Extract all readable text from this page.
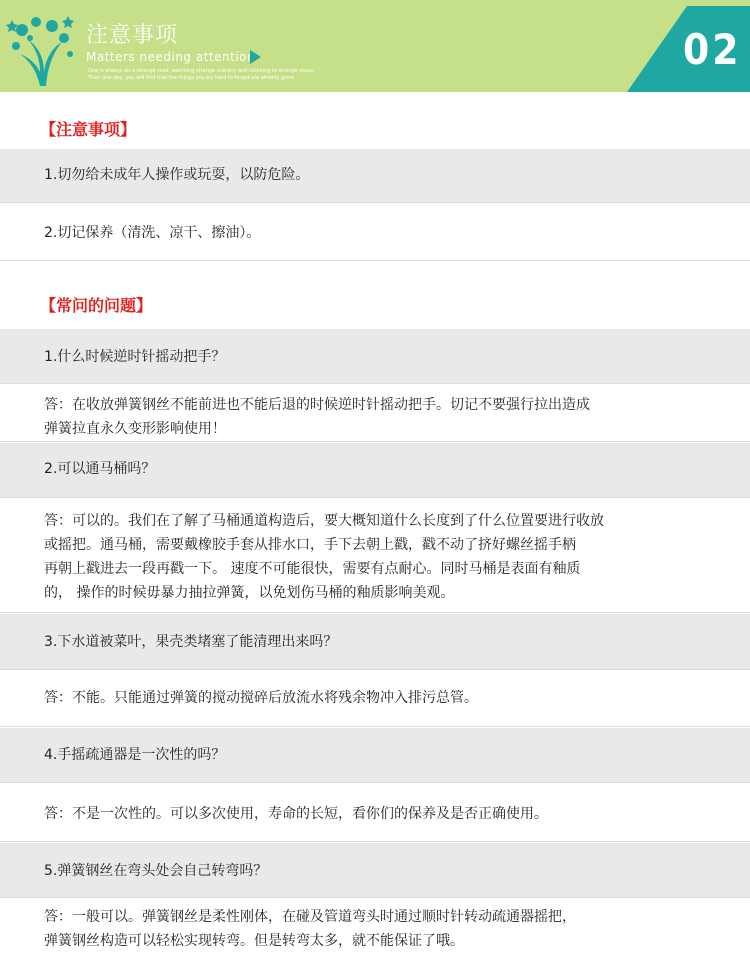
注意事项
Matters needing attention
One is always on a strange road, watching strange scenery and listening to strange music.
Then one day, you will find that the things you try hard to forget are already gone.
02
【注意事项】
1.切勿给未成年人操作或玩耍，以防危险。
2.切记保养（清洗、凉干、擦油）。
【常问的问题】
1.什么时候逆时针摇动把手？
答：在收放弹簧钢丝不能前进也不能后退的时候逆时针摇动把手。切记不要强行拉出造成
弹簧拉直永久变形影响使用！
2.可以通马桶吗？
答：可以的。我们在了解了马桶通道构造后，要大概知道什么长度到了什么位置要进行收放
或摇把。通马桶，需要戴橡胶手套从排水口，手下去朝上戳，戳不动了挤好螺丝摇手柄
再朝上戳进去一段再戳一下。 速度不可能很快，需要有点耐心。同时马桶是表面有釉质
的， 操作的时候毋暴力抽拉弹簧，以免划伤马桶的釉质影响美观。
3.下水道被菜叶，果壳类堵塞了能清理出来吗？
答：不能。只能通过弹簧的搅动搅碎后放流水将残余物冲入排污总管。
4.手摇疏通器是一次性的吗？
答：不是一次性的。可以多次使用，寿命的长短，看你们的保养及是否正确使用。
5.弹簧钢丝在弯头处会自己转弯吗？
答：一般可以。弹簧钢丝是柔性刚体，在碰及管道弯头时通过顺时针转动疏通器摇把，
弹簧钢丝构造可以轻松实现转弯。但是转弯太多，就不能保证了哦。
